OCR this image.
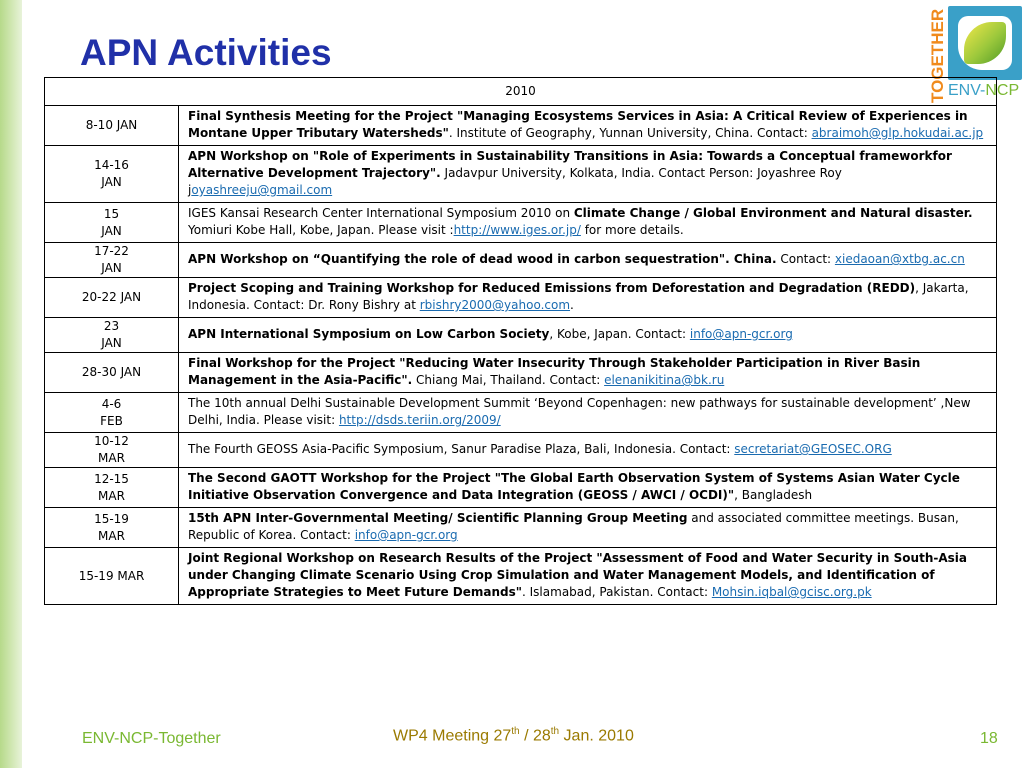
APN Activities	TOGETHER ENV-NCP
2010	

8-10 JAN	Final Synthesis Meeting for the Project "Managing Ecosystems Services in Asia: A Critical Review of Experiences in Montane Upper Tributary Watersheds". Institute of Geography, Yunnan University, China. Contact: abraimoh@glp.hokudai.ac.jp

14-16
JAN	APN Workshop on "Role of Experiments in Sustainability Transitions in Asia: Towards a Conceptual frameworkfor Alternative Development Trajectory". Jadavpur University, Kolkata, India. Contact Person: Joyashree Roy joyashreeju@gmail.com

15
JAN	IGES Kansai Research Center International Symposium 2010 on Climate Change / Global Environment and Natural disaster. Yomiuri Kobe Hall, Kobe, Japan. Please visit :http://www.iges.or.jp/ for more details.

17-22
JAN	APN Workshop on “Quantifying the role of dead wood in carbon sequestration". China. Contact: xiedaoan@xtbg.ac.cn

20-22 JAN	Project Scoping and Training Workshop for Reduced Emissions from Deforestation and Degradation (REDD), Jakarta, Indonesia. Contact: Dr. Rony Bishry at rbishry2000@yahoo.com.

23
JAN	APN International Symposium on Low Carbon Society, Kobe, Japan. Contact: info@apn-gcr.org

28-30 JAN	Final Workshop for the Project "Reducing Water Insecurity Through Stakeholder Participation in River Basin Management in the Asia-Pacific". Chiang Mai, Thailand. Contact: elenanikitina@bk.ru

4-6
FEB	The 10th annual Delhi Sustainable Development Summit ‘Beyond Copenhagen: new pathways for sustainable development’ ,New Delhi, India. Please visit: http://dsds.teriin.org/2009/

10-12
MAR	The Fourth GEOSS Asia-Pacific Symposium, Sanur Paradise Plaza, Bali, Indonesia. Contact: secretariat@GEOSEC.ORG

12-15
MAR	The Second GAOTT Workshop for the Project "The Global Earth Observation System of Systems Asian Water Cycle Initiative Observation Convergence and Data Integration (GEOSS / AWCI / OCDI)", Bangladesh

15-19
MAR	15th APN Inter-Governmental Meeting/ Scientific Planning Group Meeting and associated committee meetings. Busan, Republic of Korea. Contact: info@apn-gcr.org

15-19 MAR	Joint Regional Workshop on Research Results of the Project "Assessment of Food and Water Security in South-Asia under Changing Climate Scenario Using Crop Simulation and Water Management Models, and Identification of Appropriate Strategies to Meet Future Demands". Islamabad, Pakistan. Contact: Mohsin.iqbal@gcisc.org.pk
ENV-NCP-Together	WP4 Meeting 27th / 28th Jan. 2010	18
